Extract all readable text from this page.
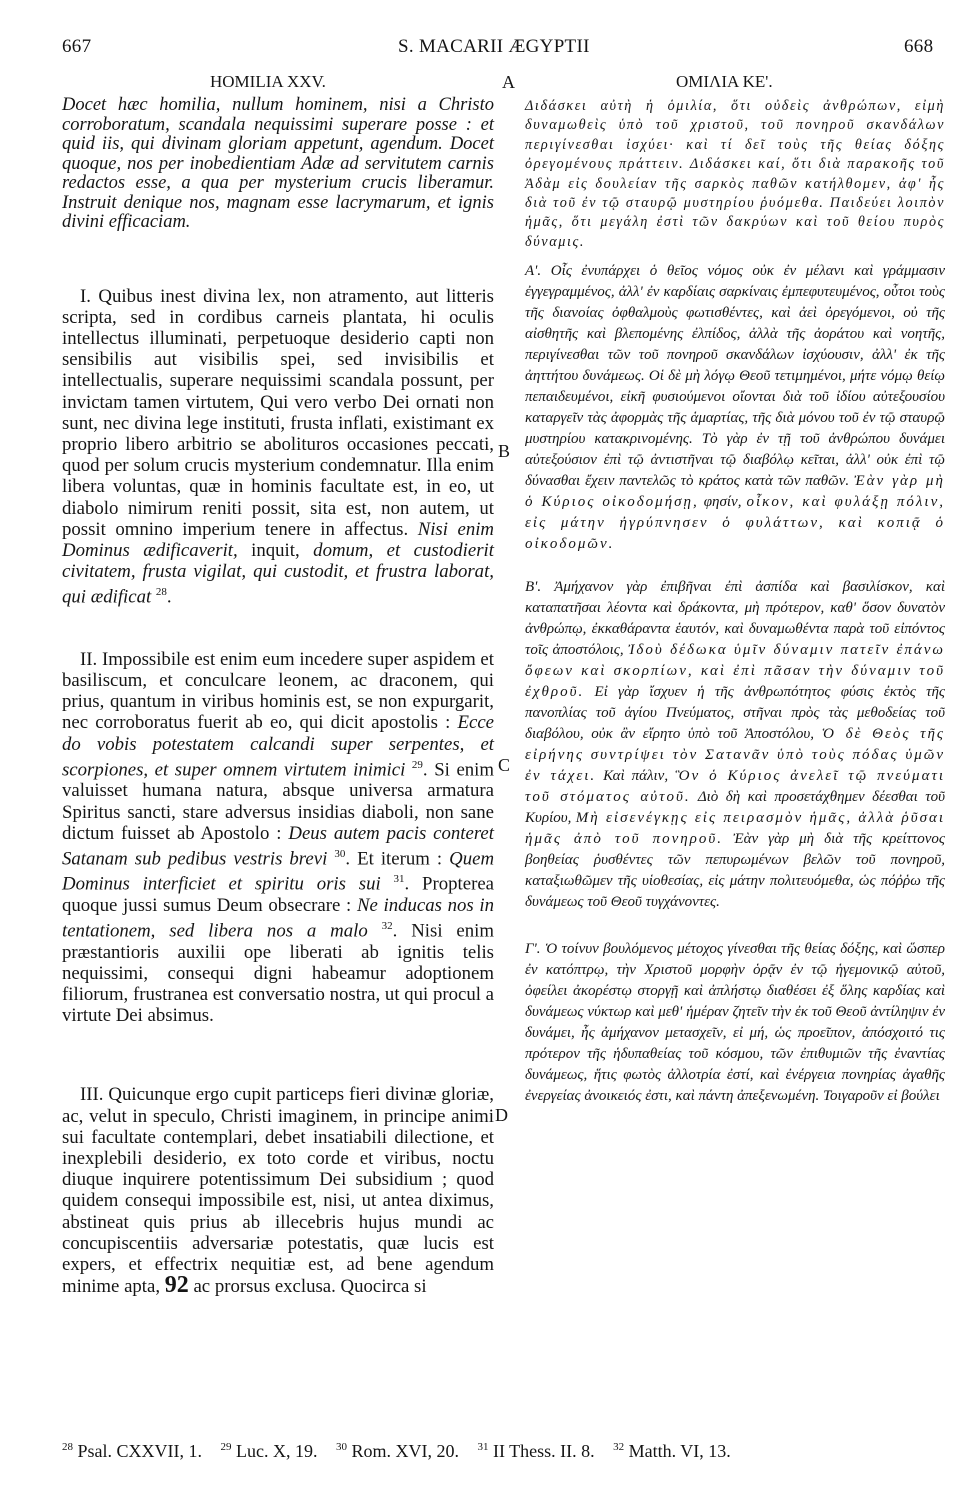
667	S. MACARII ÆGYPTII	668
HOMILIA XXV.

Docet hæc homilia, nullum hominem, nisi a Christo corroboratum, scandala nequissimi superare posse : et quid iis, qui divinam gloriam appetunt, agendum. Docet quoque, nos per inobedientiam Adæ ad servitutem carnis redactos esse, a qua per mysterium crucis liberamur. Instruit denique nos, magnam esse lacrymarum, et ignis divini efficaciam.

I. Quibus inest divina lex, non atramento, aut litteris scripta, sed in cordibus carneis plantata, hi oculis intellectus illuminati, perpetuoque desiderio capti non sensibilis aut visibilis spei, sed invisibilis et intellectualis, superare nequissimi scandala possunt, per invictam tamen virtutem, Qui vero verbo Dei ornati non sunt, nec divina lege instituti, frusta inflati, existimant ex proprio libero arbitrio se abolituros occasiones peccati, quod per solum crucis mysterium condemnatur. Illa enim libera voluntas, quæ in hominis facultate est, in eo, ut diabolo nimirum reniti possit, sita est, non autem, ut possit omnino imperium tenere in affectus. Nisi enim Dominus ædificaverit, inquit, domum, et custodierit civitatem, frusta vigilat, qui custodit, et frustra laborat, qui ædificat $^{28}$.

II. Impossibile est enim eum incedere super aspidem et basiliscum, et conculcare leonem, ac draconem, qui prius, quantum in viribus hominis est, se non expurgarit, nec corroboratus fuerit ab eo, qui dicit apostolis : Ecce do vobis potestatem calcandi super serpentes, et scorpiones, et super omnem virtutem inimici $^{29}$. Si enim valuisset humana natura, absque universa armatura Spiritus sancti, stare adversus insidias diaboli, non sane dictum fuisset ab Apostolo : Deus autem pacis conteret Satanam sub pedibus vestris brevi $^{30}$. Et iterum : Quem Dominus interficiet et spiritu oris sui $^{31}$. Propterea quoque jussi sumus Deum obsecrare : Ne inducas nos in tentationem, sed libera nos a malo $^{32}$. Nisi enim præstantioris auxilii ope liberati ab ignitis telis nequissimi, consequi digni habeamur adoptionem filiorum, frustranea est conversatio nostra, ut qui procul a virtute Dei absimus.

III. Quicunque ergo cupit particeps fieri divinæ gloriæ, ac, velut in speculo, Christi imaginem, in principe animi sui facultate contemplari, debet insatiabili dilectione, et inexplebili desiderio, ex toto corde et viribus, noctu diuque inquirere potentissimum Dei subsidium ; quod quidem consequi impossibile est, nisi, ut antea diximus, abstineat quis prius ab illecebris hujus mundi ac concupiscentiis adversariæ potestatis, quæ lucis est expers, et effectrix nequitiæ est, ad bene agendum minime apta, 92 ac prorsus exclusa. Quocirca si

A
B
C
D
ΟΜΙΛΙΑ ΚΕ'.

Διδάσκει αὐτὴ ἡ ὁμιλία, ὅτι οὐδεὶς ἀνθρώπων, εἰμὴ δυναμωθεὶς ὑπὸ τοῦ χριστοῦ, τοῦ πονηροῦ σκανδάλων περιγίνεσθαι ἰσχύει· καὶ τί δεῖ τοὺς τῆς θείας δόξης ὀρεγομένους πράττειν. Διδάσκει καί, ὅτι διὰ παρακοῆς τοῦ Ἀδὰμ εἰς δουλείαν τῆς σαρκὸς παθῶν κατήλθομεν, ἀφ' ἧς διὰ τοῦ ἐν τῷ σταυρῷ μυστηρίου ῥυόμεθα. Παιδεύει λοιπὸν ἡμᾶς, ὅτι μεγάλη ἐστὶ τῶν δακρύων καὶ τοῦ θείου πυρὸς δύναμις.

Α'. Οἷς ἐνυπάρχει ὁ θεῖος νόμος οὐκ ἐν μέλανι καὶ γράμμασιν ἐγγεγραμμένος, ἀλλ' ἐν καρδίαις σαρκίναις ἐμπεφυτευμένος, οὗτοι τοὺς τῆς διανοίας ὀφθαλμοὺς φωτισθέντες, καὶ ἀεὶ ὀρεγόμενοι, οὐ τῆς αἰσθητῆς καὶ βλεπομένης ἐλπίδος, ἀλλὰ τῆς ἀοράτου καὶ νοητῆς, περιγίνεσθαι τῶν τοῦ πονηροῦ σκανδάλων ἰσχύουσιν, ἀλλ' ἐκ τῆς ἀηττήτου δυνάμεως. Οἱ δὲ μὴ λόγῳ Θεοῦ τετιμημένοι, μήτε νόμῳ θείῳ πεπαιδευμένοι, εἰκῆ φυσιούμενοι οἴονται διὰ τοῦ ἰδίου αὐτεξουσίου καταργεῖν τὰς ἀφορμὰς τῆς ἁμαρτίας, τῆς διὰ μόνου τοῦ ἐν τῷ σταυρῷ μυστηρίου κατακρινομένης. Τὸ γὰρ ἐν τῇ τοῦ ἀνθρώπου δυνάμει αὐτεξούσιον ἐπὶ τῷ ἀντιστῆναι τῷ διαβόλῳ κεῖται, ἀλλ' οὐκ ἐπὶ τῷ δύνασθαι ἔχειν παντελῶς τὸ κράτος κατὰ τῶν παθῶν. Ἐὰν γὰρ μὴ ὁ Κύριος οἰκοδομήσῃ, φησίν, οἶκον, καὶ φυλάξῃ πόλιν, εἰς μάτην ἠγρύπνησεν ὁ φυλάττων, καὶ κοπιᾷ ὁ οἰκοδομῶν.

Β'. Ἀμήχανον γὰρ ἐπιβῆναι ἐπὶ ἀσπίδα καὶ βασιλίσκον, καὶ καταπατῆσαι λέοντα καὶ δράκοντα, μὴ πρότερον, καθ' ὅσον δυνατὸν ἀνθρώπῳ, ἐκκαθάραντα ἑαυτόν, καὶ δυναμωθέντα παρὰ τοῦ εἰπόντος τοῖς ἀποστόλοις, Ἰδοὺ δέδωκα ὑμῖν δύναμιν πατεῖν ἐπάνω ὄφεων καὶ σκορπίων, καὶ ἐπὶ πᾶσαν τὴν δύναμιν τοῦ ἐχθροῦ. Εἰ γὰρ ἴσχυεν ἡ τῆς ἀνθρωπότητος φύσις ἐκτὸς τῆς πανοπλίας τοῦ ἁγίου Πνεύματος, στῆναι πρὸς τὰς μεθοδείας τοῦ διαβόλου, οὐκ ἂν εἴρητο ὑπὸ τοῦ Ἀποστόλου, Ὁ δὲ Θεὸς τῆς εἰρήνης συντρίψει τὸν Σατανᾶν ὑπὸ τοὺς πόδας ὑμῶν ἐν τάχει. Καὶ πάλιν, Ὃν ὁ Κύριος ἀνελεῖ τῷ πνεύματι τοῦ στόματος αὐτοῦ. Διὸ δὴ καὶ προσετάχθημεν δέεσθαι τοῦ Κυρίου, Μὴ εἰσενέγκῃς εἰς πειρασμὸν ἡμᾶς, ἀλλὰ ῥῦσαι ἡμᾶς ἀπὸ τοῦ πονηροῦ. Ἐὰν γὰρ μὴ διὰ τῆς κρείττονος βοηθείας ῥυσθέντες τῶν πεπυρωμένων βελῶν τοῦ πονηροῦ, καταξιωθῶμεν τῆς υἱοθεσίας, εἰς μάτην πολιτευόμεθα, ὡς πόῤῥω τῆς δυνάμεως τοῦ Θεοῦ τυγχάνοντες.

Γ'. Ὁ τοίνυν βουλόμενος μέτοχος γίνεσθαι τῆς θείας δόξης, καὶ ὥσπερ ἐν κατόπτρῳ, τὴν Χριστοῦ μορφὴν ὁρᾷν ἐν τῷ ἡγεμονικῷ αὐτοῦ, ὀφείλει ἀκορέστῳ στοργῇ καὶ ἀπλήστῳ διαθέσει ἐξ ὅλης καρδίας καὶ δυνάμεως νύκτωρ καὶ μεθ' ἡμέραν ζητεῖν τὴν ἐκ τοῦ Θεοῦ ἀντίληψιν ἐν δυνάμει, ἧς ἀμήχανον μετασχεῖν, εἰ μή, ὡς προεῖπον, ἀπόσχοιτό τις πρότερον τῆς ἡδυπαθείας τοῦ κόσμου, τῶν ἐπιθυμιῶν τῆς ἐναντίας δυνάμεως, ἥτις φωτὸς ἀλλοτρία ἐστί, καὶ ἐνέργεια πονηρίας ἀγαθῆς ἐνεργείας ἀνοικειός ἐστι, καὶ πάντη ἀπεξενωμένη. Τοιγαροῦν εἰ βούλει

$^{28}$ Psal. CXXVII, 1. $^{29}$ Luc. X, 19. $^{30}$ Rom. XVI, 20. $^{31}$ II Thess. II. 8. $^{32}$ Matth. VI, 13.
